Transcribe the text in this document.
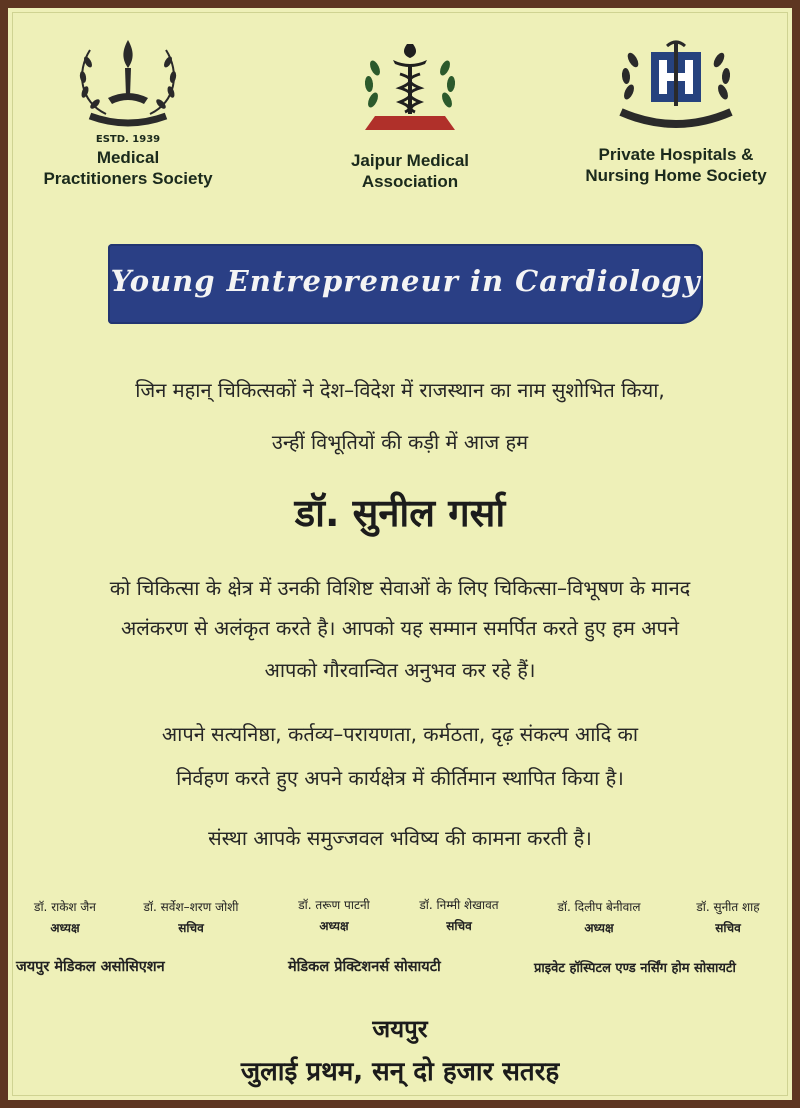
ESTD. 1939
Medical
Practitioners Society
Jaipur Medical
Association
Private Hospitals &
Nursing Home Society
Young Entrepreneur in Cardiology
जिन महान् चिकित्सकों ने देश–विदेश में राजस्थान का नाम सुशोभित किया,
उन्हीं विभूतियों की कड़ी में आज हम
डॉ. सुनील गर्सा
को चिकित्सा के क्षेत्र में उनकी विशिष्ट सेवाओं के लिए चिकित्सा–विभूषण के मानद
अलंकरण से अलंकृत करते है। आपको यह सम्मान समर्पित करते हुए हम अपने
आपको गौरवान्वित अनुभव कर रहे हैं।
आपने सत्यनिष्ठा, कर्तव्य–परायणता, कर्मठता, दृढ़ संकल्प आदि का
निर्वहण करते हुए अपने कार्यक्षेत्र में कीर्तिमान स्थापित किया है।
संस्था आपके समुज्जवल भविष्य की कामना करती है।
डॉ. राकेश जैन
अध्यक्ष
डॉ. सर्वेश–शरण जोशी
सचिव
डॉ. तरूण पाटनी
अध्यक्ष
डॉ. निम्मी शेखावत
सचिव
डॉ. दिलीप बेनीवाल
अध्यक्ष
डॉ. सुनीत शाह
सचिव
जयपुर मेडिकल असोसिएशन	मेडिकल प्रेक्टिशनर्स सोसायटी	प्राइवेट हॉस्पिटल एण्ड नर्सिंग होम सोसायटी
जयपुर
जुलाई प्रथम, सन् दो हजार सतरह
